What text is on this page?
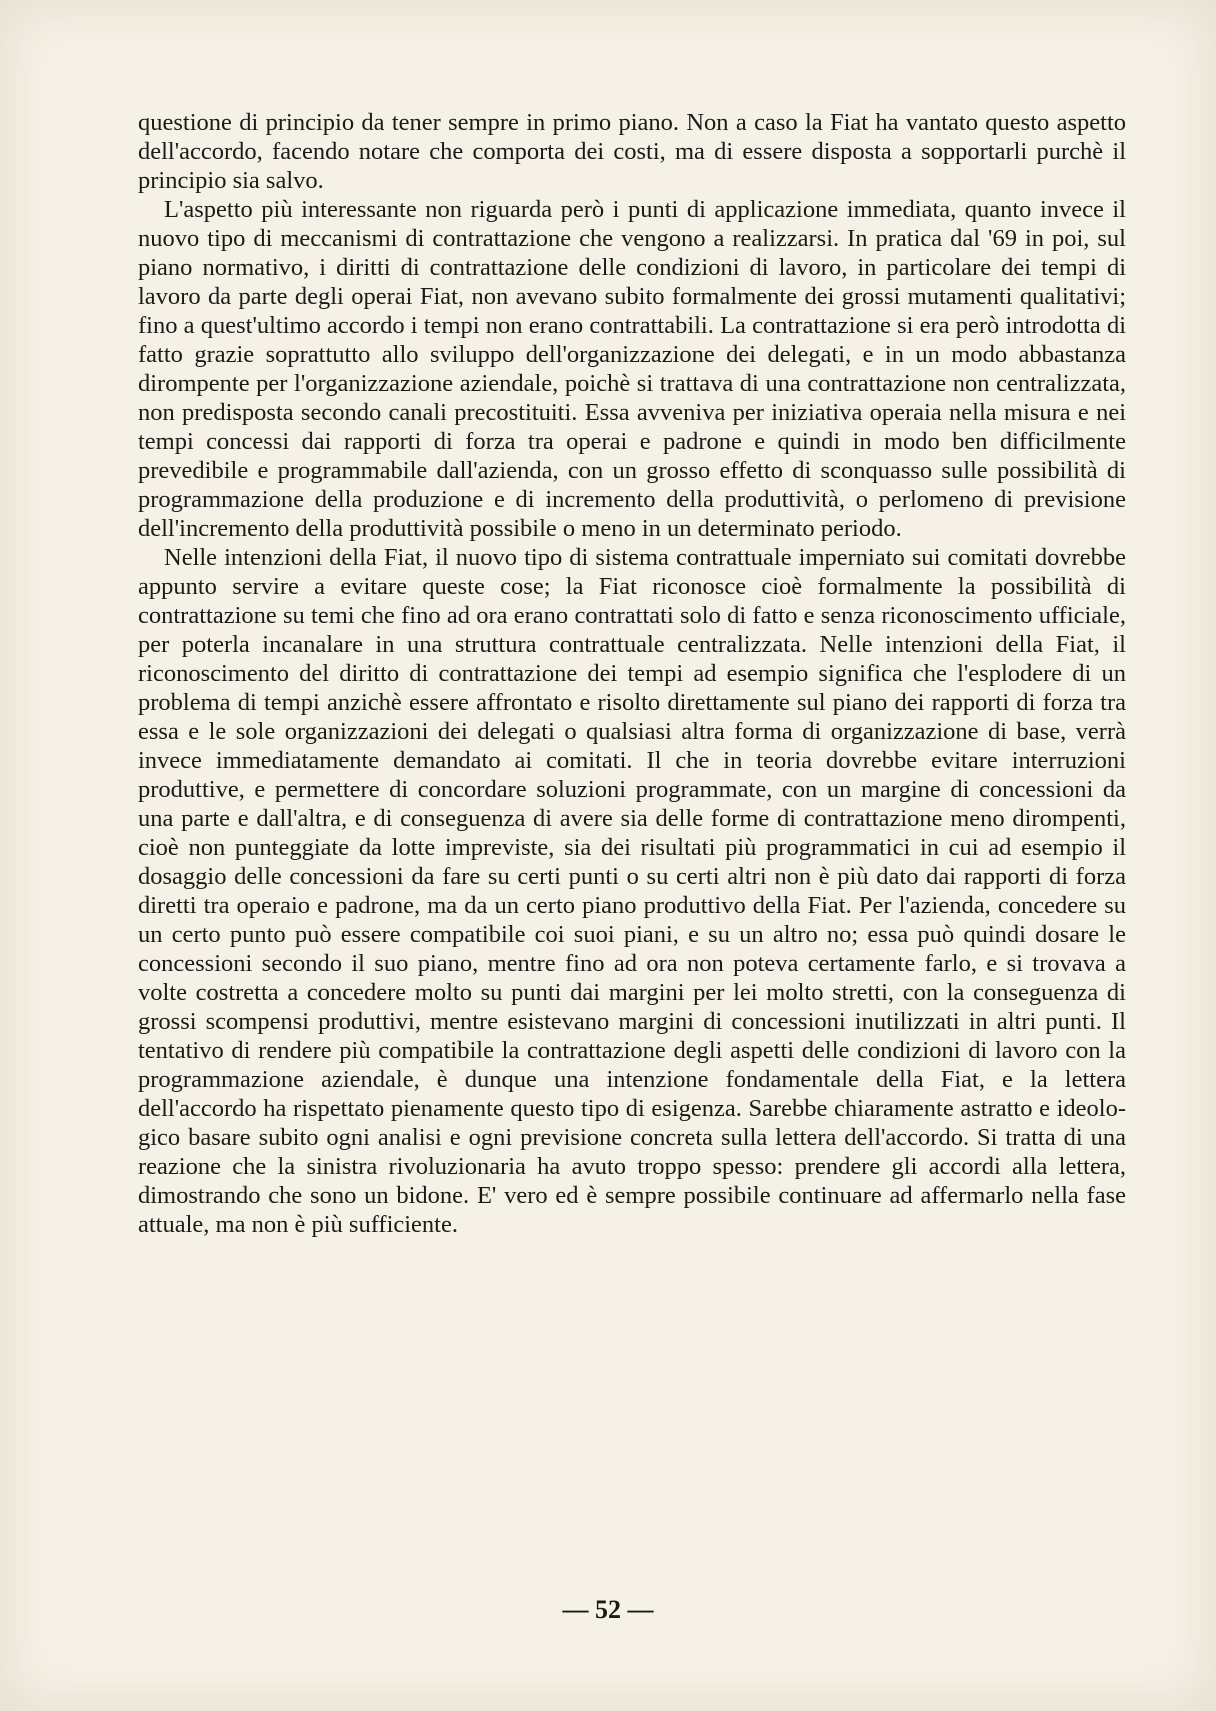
questione di principio da tener sempre in primo piano. Non a caso la Fiat ha vantato questo aspetto dell'accordo, facendo notare che comporta dei costi, ma di essere disposta a sopportarli purchè il principio sia salvo.

L'aspetto più interessante non riguarda però i punti di applicazione immediata, quanto invece il nuovo tipo di meccanismi di contrattazione che vengono a realizzarsi. In pratica dal '69 in poi, sul piano normativo, i diritti di contrattazione delle condizioni di lavoro, in particolare dei tempi di lavoro da parte degli operai Fiat, non avevano subito formalmente dei grossi mutamenti qualitativi; fino a quest'ultimo accordo i tempi non erano contrattabili. La contrattazione si era però introdotta di fatto grazie soprattutto allo sviluppo dell'organizzazione dei delegati, e in un modo abbastanza dirompente per l'organizzazione aziendale, poichè si trattava di una contrattazione non centralizzata, non predisposta secondo canali precostituiti. Essa avveniva per iniziativa operaia nella misura e nei tempi concessi dai rapporti di forza tra operai e padrone e quindi in modo ben difficilmente prevedibile e programmabile dall'azienda, con un grosso effetto di sconquasso sulle possibilità di programmazione della produzione e di incremento della produttività, o perlomeno di previsione dell'incremento della produttività possibile o meno in un determinato periodo.

Nelle intenzioni della Fiat, il nuovo tipo di sistema contrattuale imperniato sui comitati dovrebbe appunto servire a evitare queste cose; la Fiat riconosce cioè formalmente la possibilità di contrattazione su temi che fino ad ora erano contrattati solo di fatto e senza riconoscimento ufficiale, per poterla incanalare in una struttura contrattuale centralizzata. Nelle intenzioni della Fiat, il riconoscimento del diritto di contrattazione dei tempi ad esempio significa che l'esplodere di un problema di tempi anzichè essere affrontato e risolto direttamente sul piano dei rapporti di forza tra essa e le sole organizzazioni dei delegati o qualsiasi altra forma di organizzazione di base, verrà invece immediatamente demandato ai comitati. Il che in teoria dovrebbe evitare interruzioni produttive, e permettere di concordare soluzioni programmate, con un margine di concessioni da una parte e dall'altra, e di conseguenza di avere sia delle forme di contrattazione meno dirompenti, cioè non punteggiate da lotte impreviste, sia dei risultati più programmatici in cui ad esempio il dosaggio delle concessioni da fare su certi punti o su certi altri non è più dato dai rapporti di forza diretti tra operaio e padrone, ma da un certo piano produttivo della Fiat. Per l'azienda, concedere su un certo punto può essere compatibile coi suoi piani, e su un altro no; essa può quindi dosare le concessioni secondo il suo piano, mentre fino ad ora non poteva certamente farlo, e si trovava a volte costretta a concedere molto su punti dai margini per lei molto stretti, con la conseguenza di grossi scompensi produttivi, mentre esistevano margini di concessioni inutilizzati in altri punti. Il tentativo di rendere più compatibile la contrattazione degli aspetti delle condizioni di lavoro con la programmazione aziendale, è dunque una intenzione fondamentale della Fiat, e la lettera dell'accordo ha rispettato pienamente questo tipo di esigenza. Sarebbe chiaramente astratto e ideologico basare subito ogni analisi e ogni previsione concreta sulla lettera dell'accordo. Si tratta di una reazione che la sinistra rivoluzionaria ha avuto troppo spesso: prendere gli accordi alla lettera, dimostrando che sono un bidone. E' vero ed è sempre possibile continuare ad affermarlo nella fase attuale, ma non è più sufficiente.

— 52 —
